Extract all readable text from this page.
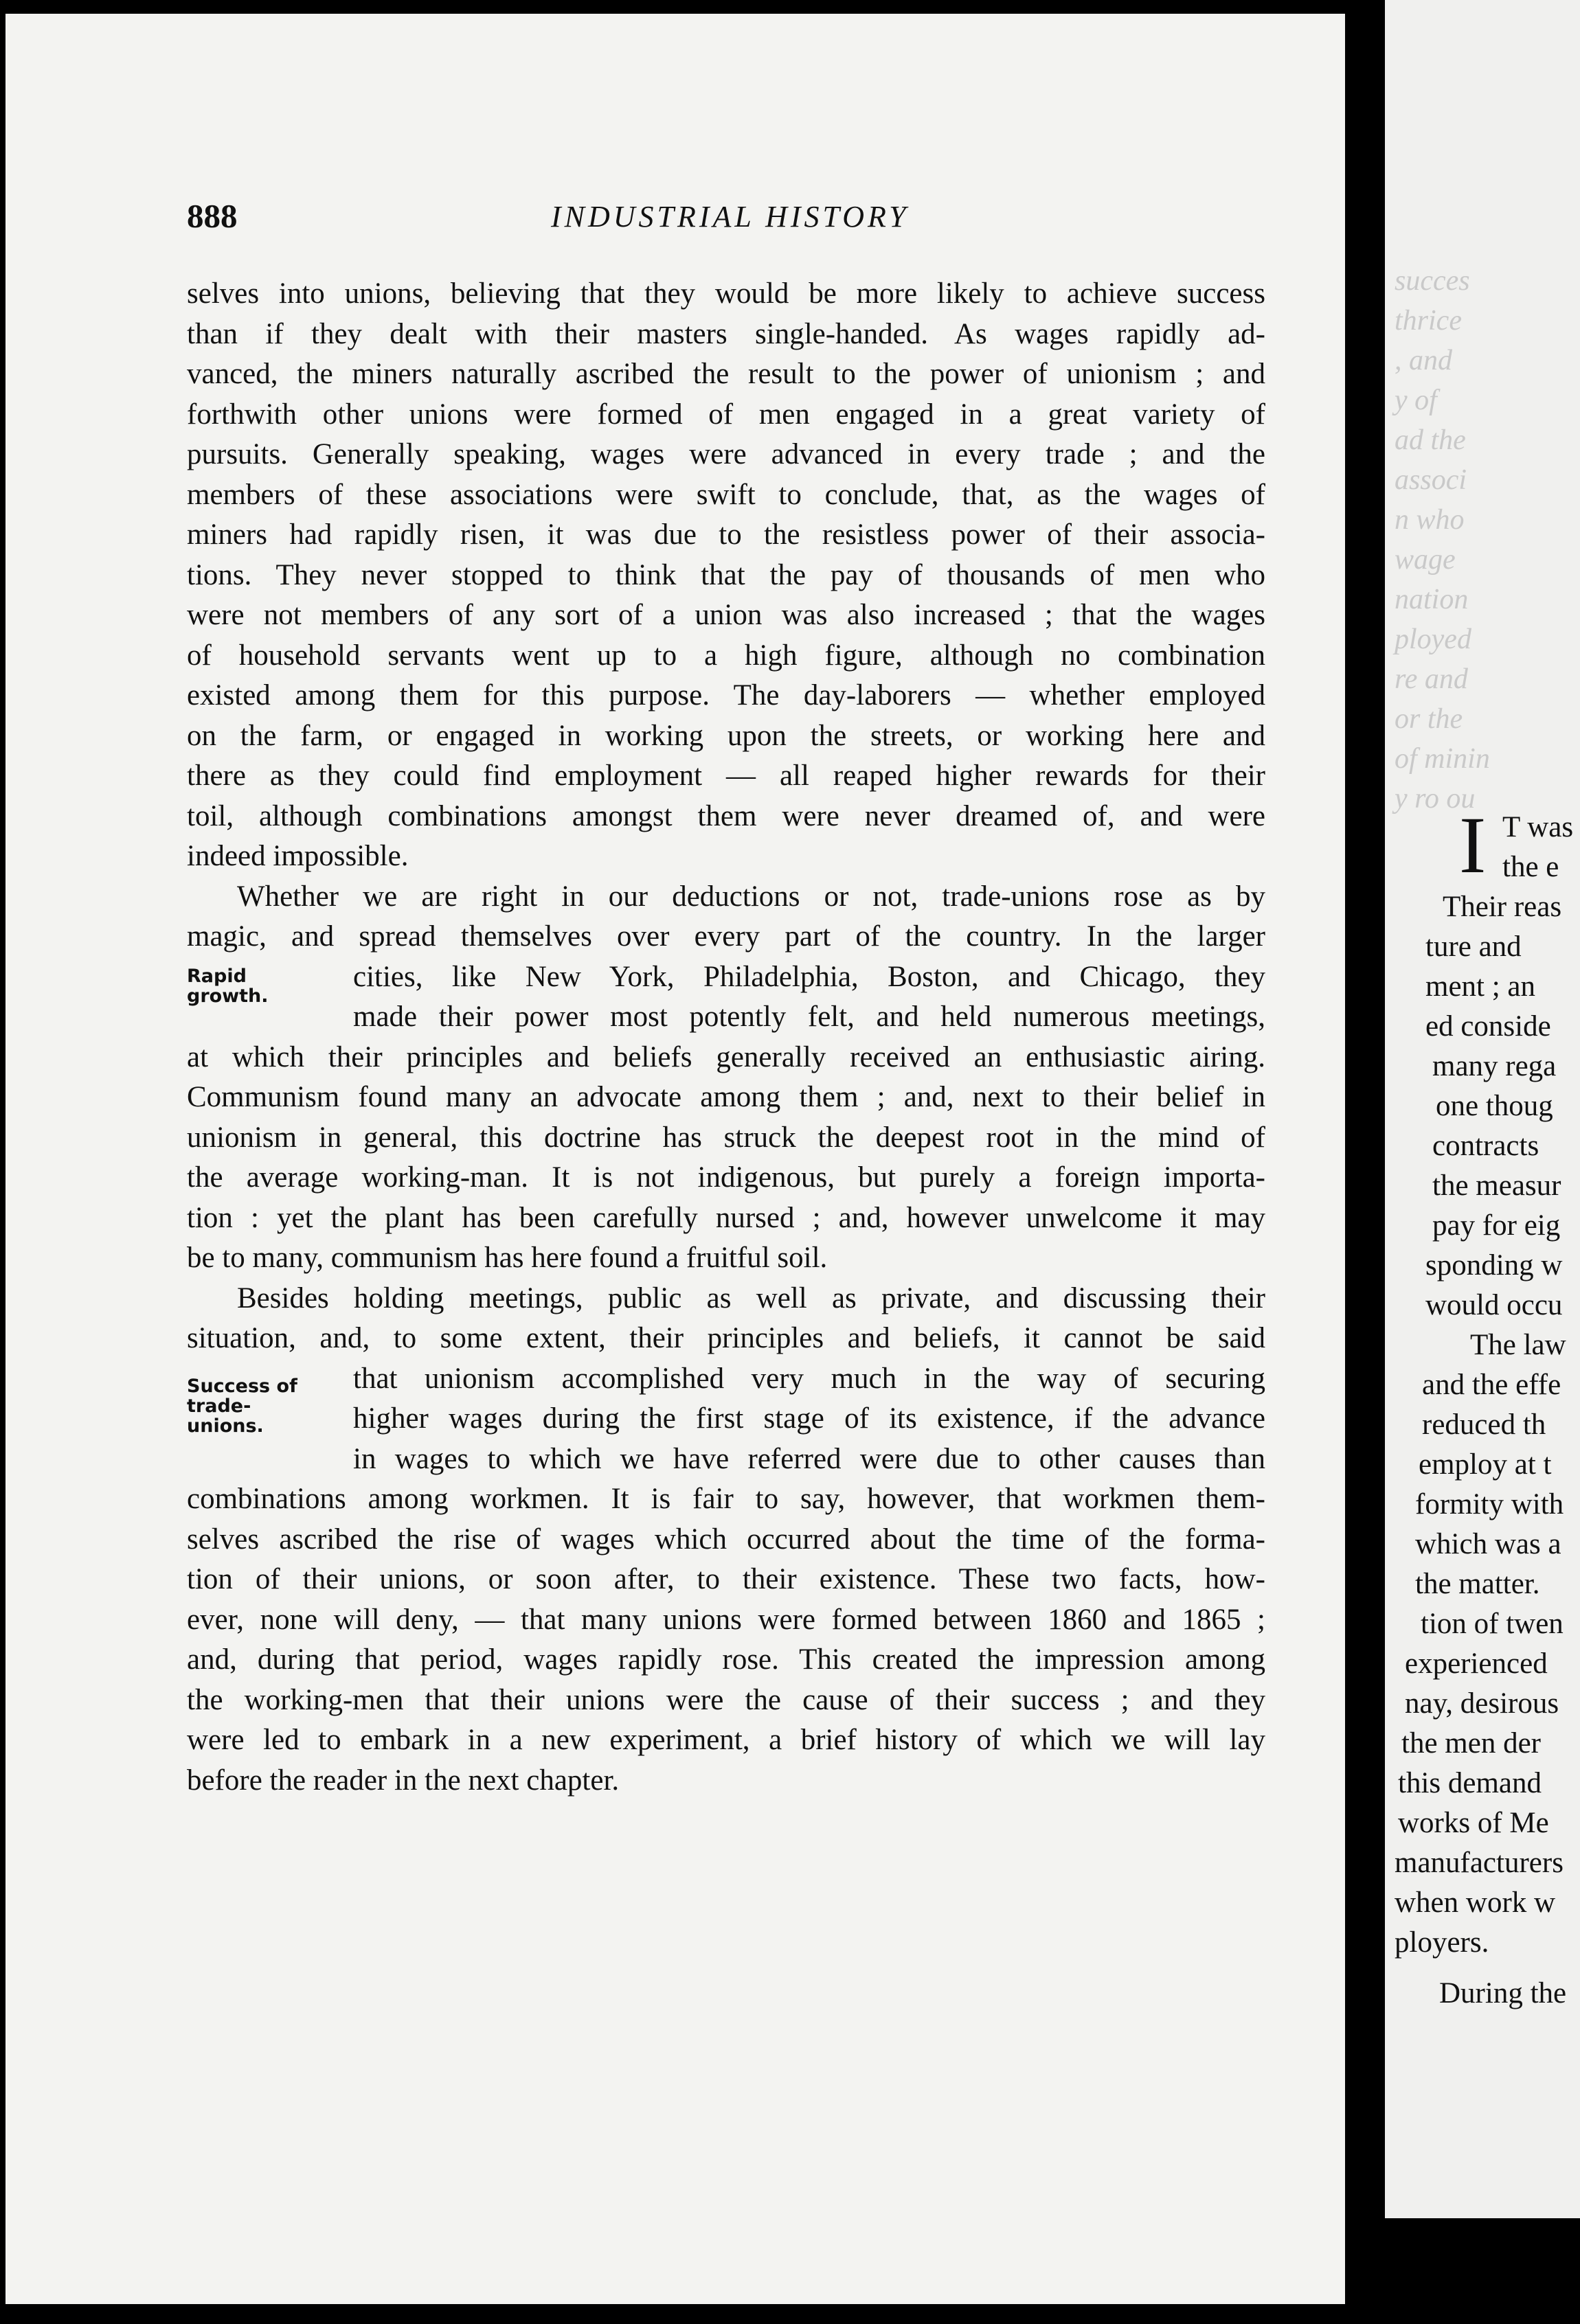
succes
thrice
, and
y of
ad the
associ
n who
wage
nation
ployed
re and
or the
of minin
y ro ou
888	INDUSTRIAL HISTORY
selves into unions, believing that they would be more likely to achieve success
than if they dealt with their masters single-handed. As wages rapidly ad-
vanced, the miners naturally ascribed the result to the power of unionism ; and
forthwith other unions were formed of men engaged in a great variety of
pursuits. Generally speaking, wages were advanced in every trade ; and the
members of these associations were swift to conclude, that, as the wages of
miners had rapidly risen, it was due to the resistless power of their associa-
tions. They never stopped to think that the pay of thousands of men who
were not members of any sort of a union was also increased ; that the wages
of household servants went up to a high figure, although no combination
existed among them for this purpose. The day-laborers — whether employed
on the farm, or engaged in working upon the streets, or working here and
there as they could find employment — all reaped higher rewards for their
toil, although combinations amongst them were never dreamed of, and were
indeed impossible.
Whether we are right in our deductions or not, trade-unions rose as by
magic, and spread themselves over every part of the country. In the larger
cities, like New York, Philadelphia, Boston, and Chicago, they
made their power most potently felt, and held numerous meetings,
at which their principles and beliefs generally received an enthusiastic airing.
Communism found many an advocate among them ; and, next to their belief in
unionism in general, this doctrine has struck the deepest root in the mind of
the average working-man. It is not indigenous, but purely a foreign importa-
tion : yet the plant has been carefully nursed ; and, however unwelcome it may
be to many, communism has here found a fruitful soil.
Besides holding meetings, public as well as private, and discussing their
situation, and, to some extent, their principles and beliefs, it cannot be said
that unionism accomplished very much in the way of securing
higher wages during the first stage of its existence, if the advance
in wages to which we have referred were due to other causes than
combinations among workmen. It is fair to say, however, that workmen them-
selves ascribed the rise of wages which occurred about the time of the forma-
tion of their unions, or soon after, to their existence. These two facts, how-
ever, none will deny, — that many unions were formed between 1860 and 1865 ;
and, during that period, wages rapidly rose. This created the impression among
the working-men that their unions were the cause of their success ; and they
were led to embark in a new experiment, a brief history of which we will lay
before the reader in the next chapter.
Rapid
growth.
Success of
trade-
unions.
I T was
the e
Their reas
ture and
ment ; an
ed conside
many rega
one thoug
contracts
the measur
pay for eig
sponding w
would occu
The law
and the effe
reduced th
employ at t
formity with
which was a
the matter.
tion of twen
experienced
nay, desirous
the men der
this demand
works of Me
manufacturers
when work w
ployers.
During the
